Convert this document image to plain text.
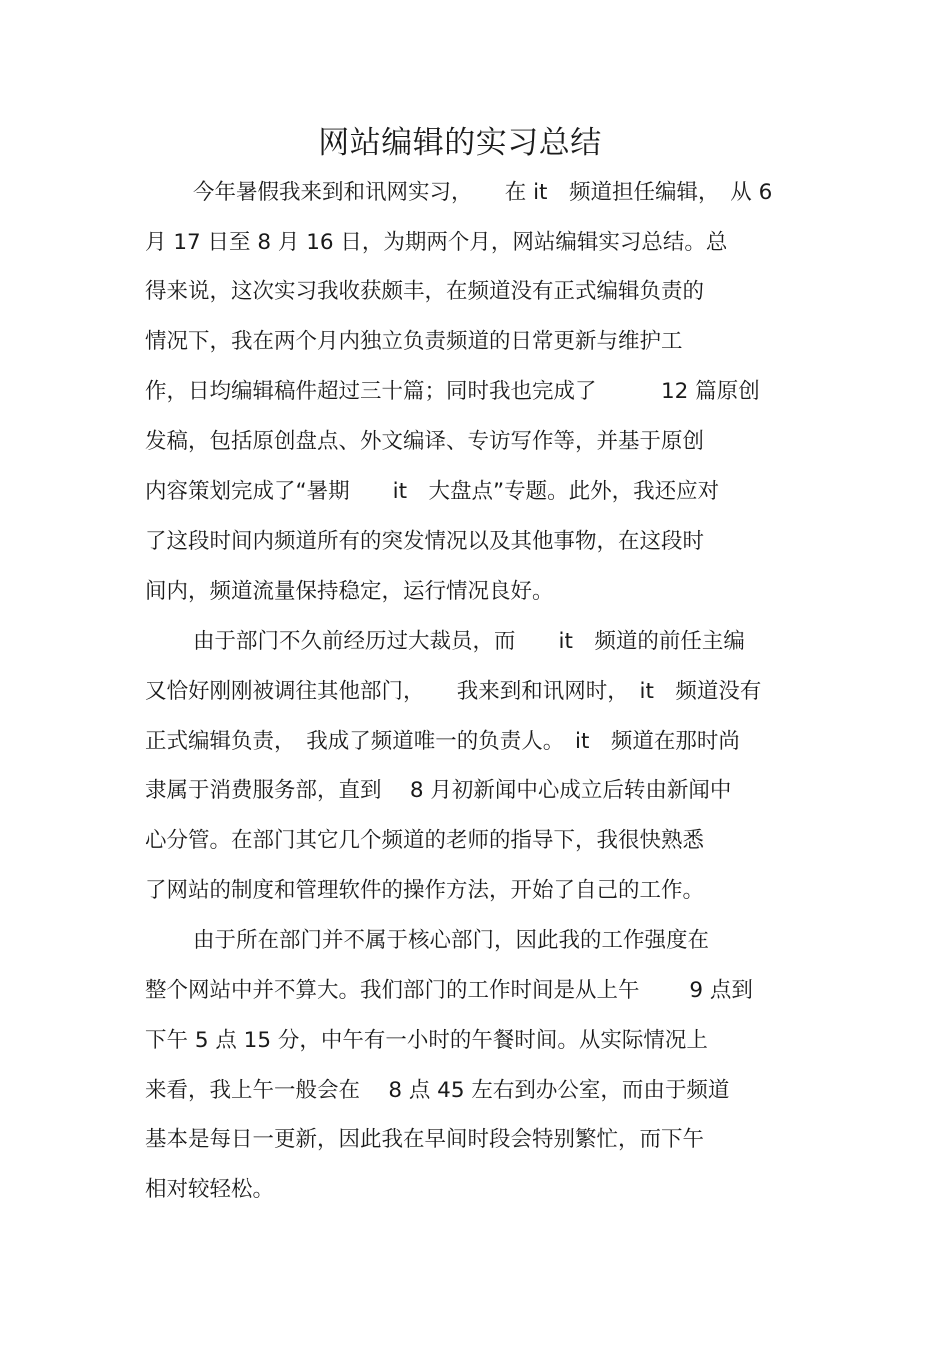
网站编辑的实习总结

今年暑假我来到和讯网实习，　　在 it　频道担任编辑，　从 6

月 17 日至 8 月 16 日，为期两个月，网站编辑实习总结。总

得来说，这次实习我收获颇丰，在频道没有正式编辑负责的

情况下，我在两个月内独立负责频道的日常更新与维护工

作，日均编辑稿件超过三十篇；同时我也完成了　　　12 篇原创

发稿，包括原创盘点、外文编译、专访写作等，并基于原创

内容策划完成了“暑期　　it　大盘点”专题。此外，我还应对

了这段时间内频道所有的突发情况以及其他事物，在这段时

间内，频道流量保持稳定，运行情况良好。

由于部门不久前经历过大裁员，而　　it　频道的前任主编

又恰好刚刚被调往其他部门，　　我来到和讯网时，　it　频道没有

正式编辑负责，　我成了频道唯一的负责人。　it　频道在那时尚

隶属于消费服务部，直到　 8 月初新闻中心成立后转由新闻中

心分管。在部门其它几个频道的老师的指导下，我很快熟悉

了网站的制度和管理软件的操作方法，开始了自己的工作。

由于所在部门并不属于核心部门，因此我的工作强度在

整个网站中并不算大。我们部门的工作时间是从上午　　 9 点到

下午 5 点 15 分，中午有一小时的午餐时间。从实际情况上

来看，我上午一般会在　 8 点 45 左右到办公室，而由于频道

基本是每日一更新，因此我在早间时段会特别繁忙，而下午

相对较轻松。
